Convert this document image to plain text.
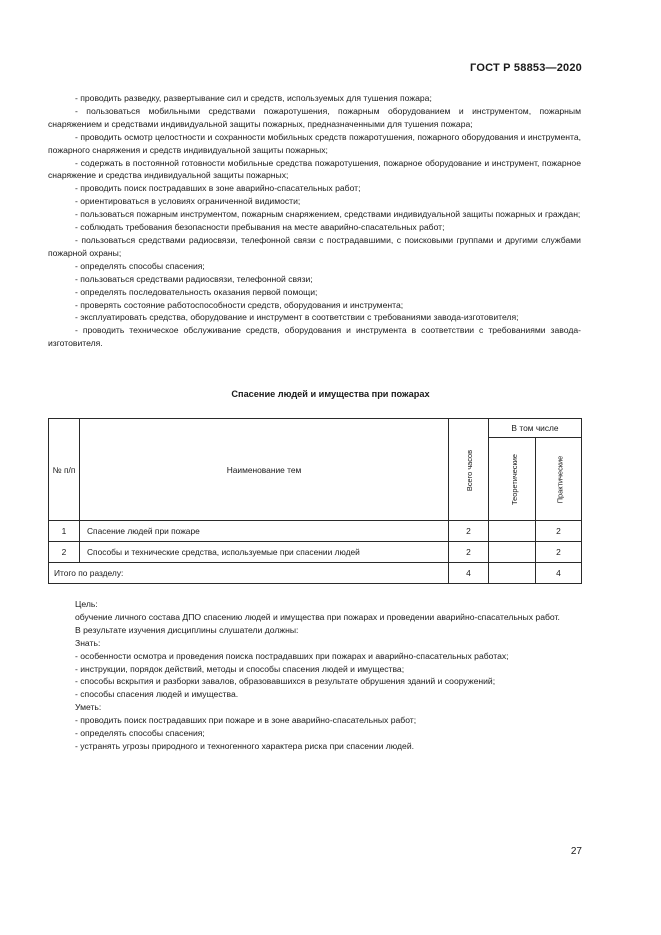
ГОСТ Р 58853—2020

- проводить разведку, развертывание сил и средств, используемых для тушения пожара;

- пользоваться мобильными средствами пожаротушения, пожарным оборудованием и инструментом, пожарным снаряжением и средствами индивидуальной защиты пожарных, предназначенными для тушения пожара;

- проводить осмотр целостности и сохранности мобильных средств пожаротушения, пожарного оборудования и инструмента, пожарного снаряжения и средств индивидуальной защиты пожарных;

- содержать в постоянной готовности мобильные средства пожаротушения, пожарное оборудование и инструмент, пожарное снаряжение и средства индивидуальной защиты пожарных;

- проводить поиск пострадавших в зоне аварийно-спасательных работ;

- ориентироваться в условиях ограниченной видимости;

- пользоваться пожарным инструментом, пожарным снаряжением, средствами индивидуальной защиты пожарных и граждан;

- соблюдать требования безопасности пребывания на месте аварийно-спасательных работ;

- пользоваться средствами радиосвязи, телефонной связи с пострадавшими, с поисковыми группами и другими службами пожарной охраны;

- определять способы спасения;

- пользоваться средствами радиосвязи, телефонной связи;

- определять последовательность оказания первой помощи;

- проверять состояние работоспособности средств, оборудования и инструмента;

- эксплуатировать средства, оборудование и инструмент в соответствии с требованиями завода-изготовителя;

- проводить техническое обслуживание средств, оборудования и инструмента в соответствии с требованиями завода-изготовителя.

Спасение людей и имущества при пожарах
№ п/п	Наименование тем	Всего часов	В том числе	
			Теоретические	Практические
1	Спасение людей при пожаре	2		2
2	Способы и технические средства, используемые при спасении людей	2		2
Итого по разделу:		4		4

Цель:

обучение личного состава ДПО спасению людей и имущества при пожарах и проведении аварийно-спасательных работ.

В результате изучения дисциплины слушатели должны:

Знать:

- особенности осмотра и проведения поиска пострадавших при пожарах и аварийно-спасательных работах;

- инструкции, порядок действий, методы и способы спасения людей и имущества;

- способы вскрытия и разборки завалов, образовавшихся в результате обрушения зданий и сооружений;

- способы спасения людей и имущества.

Уметь:

- проводить поиск пострадавших при пожаре и в зоне аварийно-спасательных работ;

- определять способы спасения;

- устранять угрозы природного и техногенного характера риска при спасении людей.

27
